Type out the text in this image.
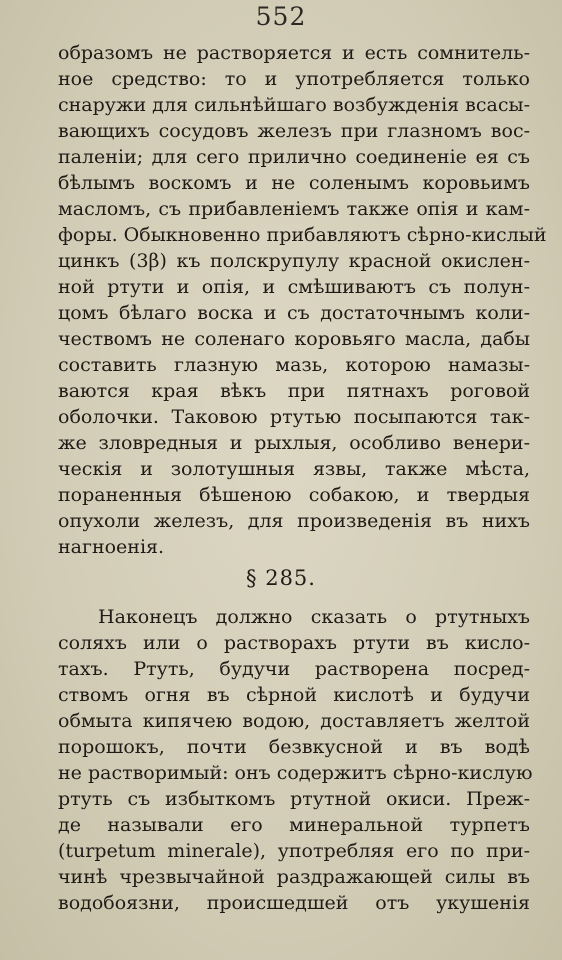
552
образомъ не растворяется и есть сомнитель-
ное средство: то и употребляется только
снаружи для сильнѣйшаго возбужденія всасы-
вающихъ сосудовъ железъ при глазномъ вос-
паленіи; для сего прилично соединеніе ея съ
бѣлымъ воскомъ и не соленымъ коровьимъ
масломъ, съ прибавленіемъ также опія и кам-
форы. Обыкновенно прибавляютъ сѣрно-кислый
цинкъ (3β) къ полскрупулу красной окислен-
ной ртути и опія, и смѣшиваютъ съ полун-
цомъ бѣлаго воска и съ достаточнымъ коли-
чествомъ не соленаго коровьяго масла, дабы
составить глазную мазь, которою намазы-
ваются края вѣкъ при пятнахъ роговой
оболочки. Таковою ртутью посыпаются так-
же зловредныя и рыхлыя, особливо венери-
ческія и золотушныя язвы, также мѣста,
пораненныя бѣшеною собакою, и твердыя
опухоли железъ, для произведенія въ нихъ
нагноенія.
§ 285.
Наконецъ должно сказать о ртутныхъ
соляхъ или о растворахъ ртути въ кисло-
тахъ. Ртуть, будучи растворена посред-
ствомъ огня въ сѣрной кислотѣ и будучи
обмыта кипячею водою, доставляетъ желтой
порошокъ, почти безвкусной и въ водѣ
не растворимый: онъ содержитъ сѣрно-кислую
ртуть съ избыткомъ ртутной окиси. Преж-
де называли его минеральной турпетъ
(turpetum minerale), употребляя его по при-
чинѣ чрезвычайной раздражающей силы въ
водобоязни, происшедшей отъ укушенія
